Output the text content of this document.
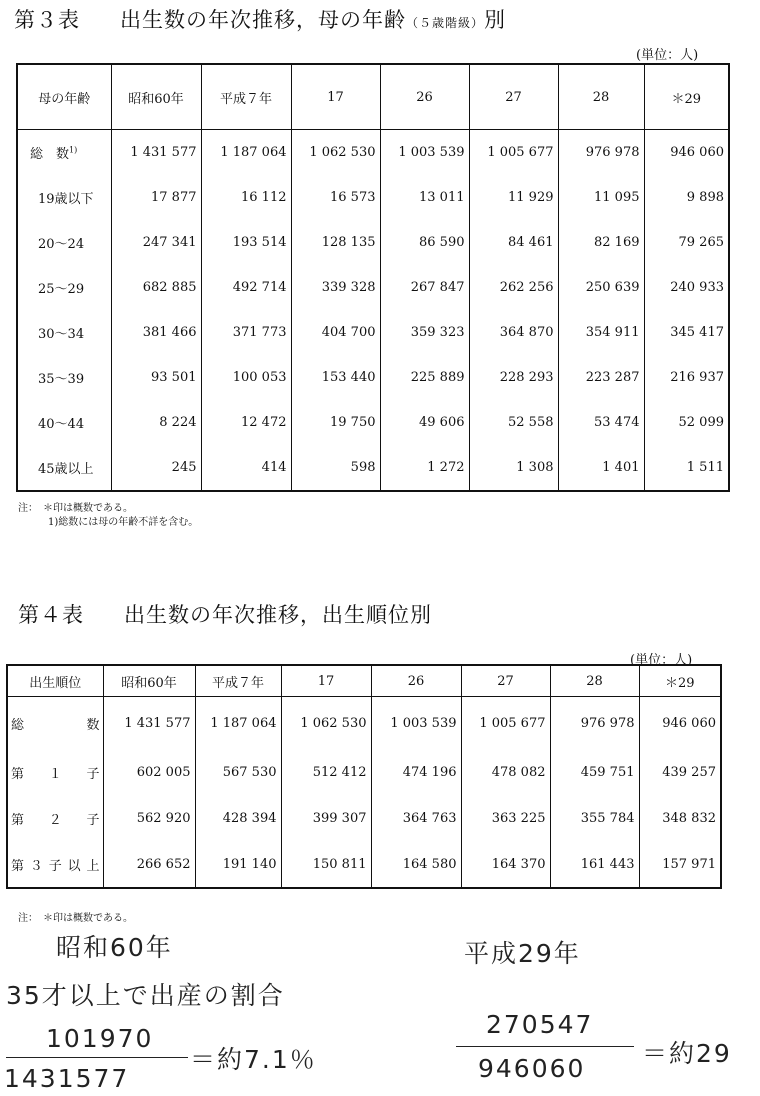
第３表 出生数の年次推移，母の年齢（５歳階級）別
(単位：人)
母の年齢	昭和60年	平成７年	17	26	27	28	＊29
総　数$^{1)}$	1 431 577	1 187 064	1 062 530	1 003 539	1 005 677	976 978	946 060
19歳以下	17 877	16 112	16 573	13 011	11 929	11 095	9 898
20～24	247 341	193 514	128 135	86 590	84 461	82 169	79 265
25～29	682 885	492 714	339 328	267 847	262 256	250 639	240 933
30～34	381 466	371 773	404 700	359 323	364 870	354 911	345 417
35～39	93 501	100 053	153 440	225 889	228 293	223 287	216 937
40～44	8 224	12 472	19 750	49 606	52 558	53 474	52 099
45歳以上	245	414	598	1 272	1 308	1 401	1 511
注：　＊印は概数である。
1)総数には母の年齢不詳を含む。
第４表 出生数の年次推移，出生順位別
(単位：人)
出生順位	昭和60年	平成７年	17	26	27	28	＊29
総　　数	1 431 577	1 187 064	1 062 530	1 003 539	1 005 677	976 978	946 060
第　１　子	602 005	567 530	512 412	474 196	478 082	459 751	439 257
第　２　子	562 920	428 394	399 307	364 763	363 225	355 784	348 832
第３子以上	266 652	191 140	150 811	164 580	164 370	161 443	157 971
注：　＊印は概数である。
昭和60年
35才以上で出産の割合
101970
＝約7.1％
1431577
平成29年
270547
＝約29
946060
